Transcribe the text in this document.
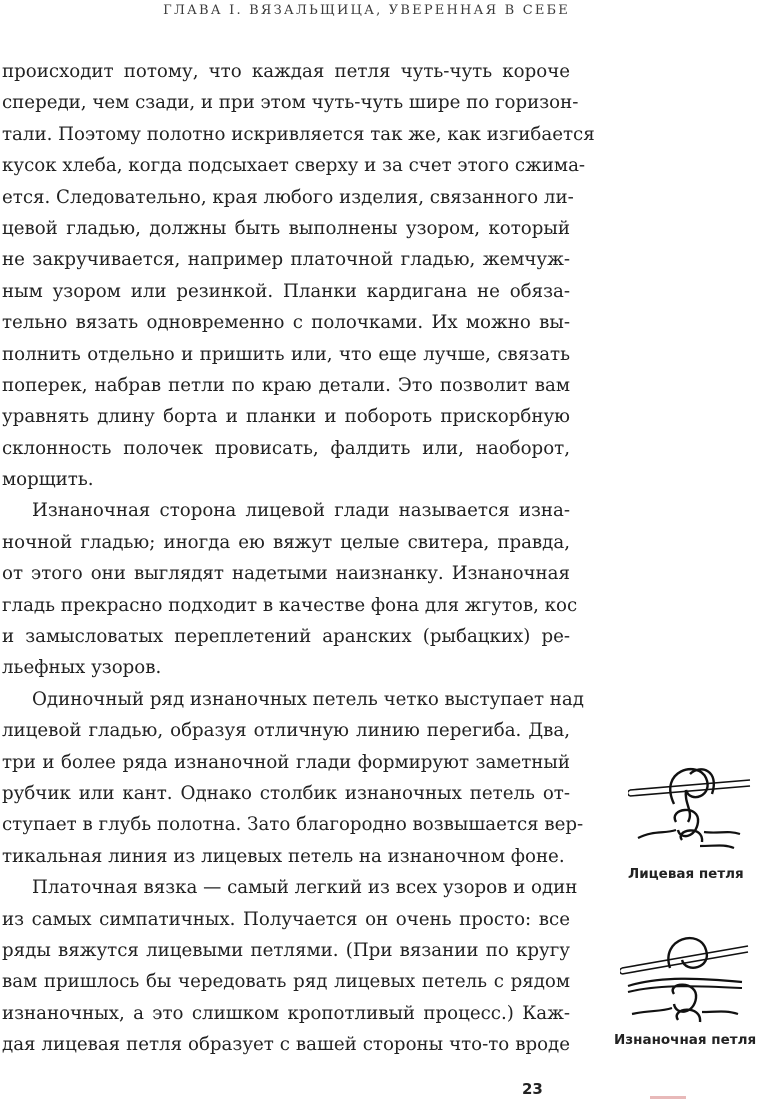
ГЛАВА I. ВЯЗАЛЬЩИЦА, УВЕРЕННАЯ В СЕБЕ
происходит потому, что каждая петля чуть-чуть короче
спереди, чем сзади, и при этом чуть-чуть шире по горизон-
тали. Поэтому полотно искривляется так же, как изгибается
кусок хлеба, когда подсыхает сверху и за счет этого сжима-
ется. Следовательно, края любого изделия, связанного ли-
цевой гладью, должны быть выполнены узором, который
не закручивается, например платочной гладью, жемчуж-
ным узором или резинкой. Планки кардигана не обяза-
тельно вязать одновременно с полочками. Их можно вы-
полнить отдельно и пришить или, что еще лучше, связать
поперек, набрав петли по краю детали. Это позволит вам
уравнять длину борта и планки и побороть прискорбную
склонность полочек провисать, фалдить или, наоборот,
морщить.
Изнаночная сторона лицевой глади называется изна-
ночной гладью; иногда ею вяжут целые свитера, правда,
от этого они выглядят надетыми наизнанку. Изнаночная
гладь прекрасно подходит в качестве фона для жгутов, кос
и замысловатых переплетений аранских (рыбацких) ре-
льефных узоров.
Одиночный ряд изнаночных петель четко выступает над
лицевой гладью, образуя отличную линию перегиба. Два,
три и более ряда изнаночной глади формируют заметный
рубчик или кант. Однако столбик изнаночных петель от-
ступает в глубь полотна. Зато благородно возвышается вер-
тикальная линия из лицевых петель на изнаночном фоне.
Платочная вязка — самый легкий из всех узоров и один
из самых симпатичных. Получается он очень просто: все
ряды вяжутся лицевыми петлями. (При вязании по кругу
вам пришлось бы чередовать ряд лицевых петель с рядом
изнаночных, а это слишком кропотливый процесс.) Каж-
дая лицевая петля образует с вашей стороны что-то вроде
Лицевая петля
Изнаночная петля
23
